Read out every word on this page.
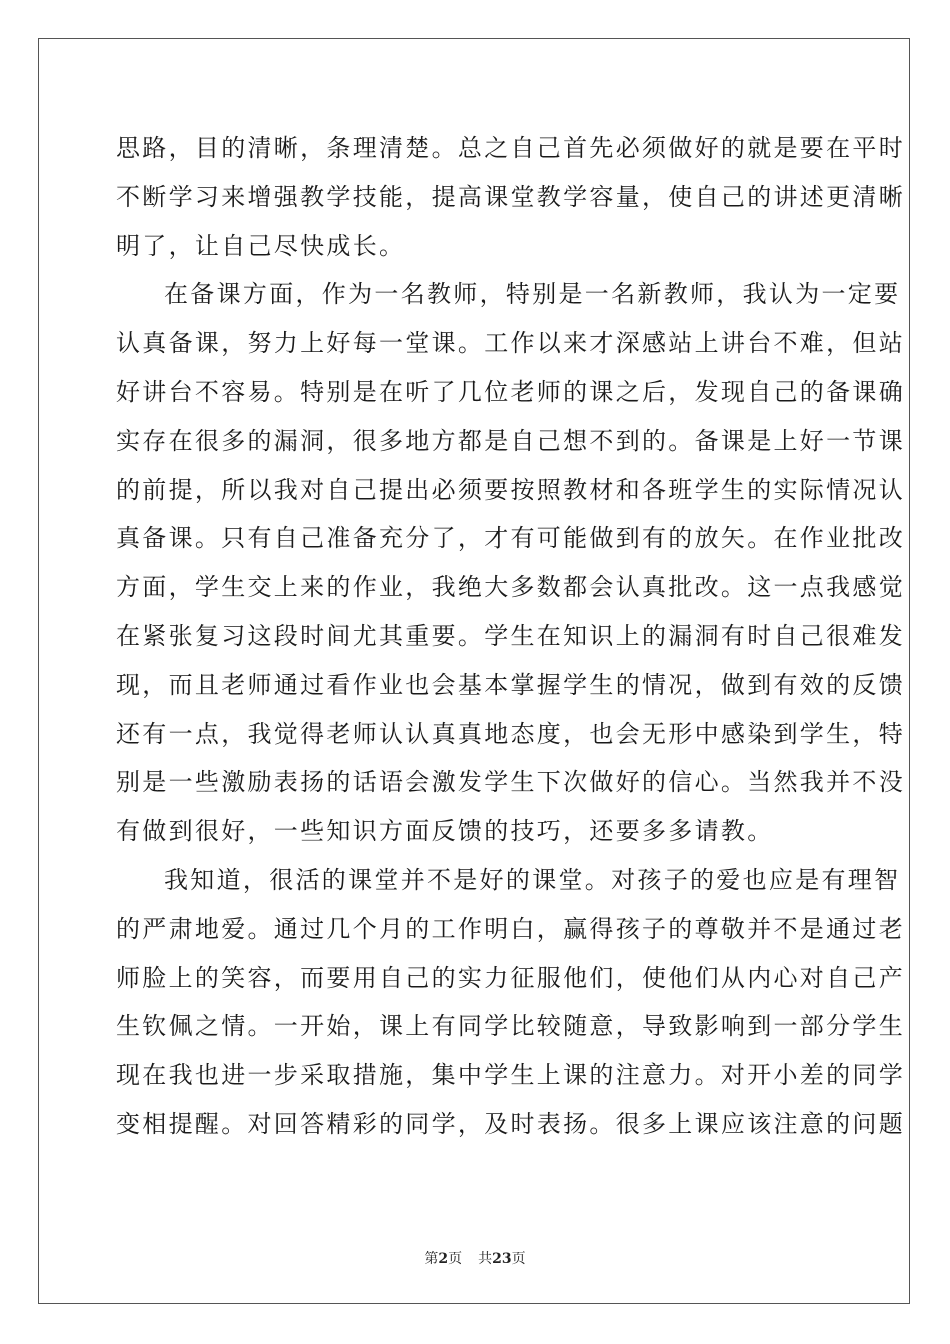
思路，目的清晰，条理清楚。总之自己首先必须做好的就是要在平时
不断学习来增强教学技能，提高课堂教学容量，使自己的讲述更清晰
明了，让自己尽快成长。
在备课方面，作为一名教师，特别是一名新教师，我认为一定要
认真备课，努力上好每一堂课。工作以来才深感站上讲台不难，但站
好讲台不容易。特别是在听了几位老师的课之后，发现自己的备课确
实存在很多的漏洞，很多地方都是自己想不到的。备课是上好一节课
的前提，所以我对自己提出必须要按照教材和各班学生的实际情况认
真备课。只有自己准备充分了，才有可能做到有的放矢。在作业批改
方面，学生交上来的作业，我绝大多数都会认真批改。这一点我感觉
在紧张复习这段时间尤其重要。学生在知识上的漏洞有时自己很难发
现，而且老师通过看作业也会基本掌握学生的情况，做到有效的反馈
还有一点，我觉得老师认认真真地态度，也会无形中感染到学生，特
别是一些激励表扬的话语会激发学生下次做好的信心。当然我并不没
有做到很好，一些知识方面反馈的技巧，还要多多请教。
我知道，很活的课堂并不是好的课堂。对孩子的爱也应是有理智
的严肃地爱。通过几个月的工作明白，赢得孩子的尊敬并不是通过老
师脸上的笑容，而要用自己的实力征服他们，使他们从内心对自己产
生钦佩之情。一开始，课上有同学比较随意，导致影响到一部分学生
现在我也进一步采取措施，集中学生上课的注意力。对开小差的同学
变相提醒。对回答精彩的同学，及时表扬。很多上课应该注意的问题
第2页 共23页
